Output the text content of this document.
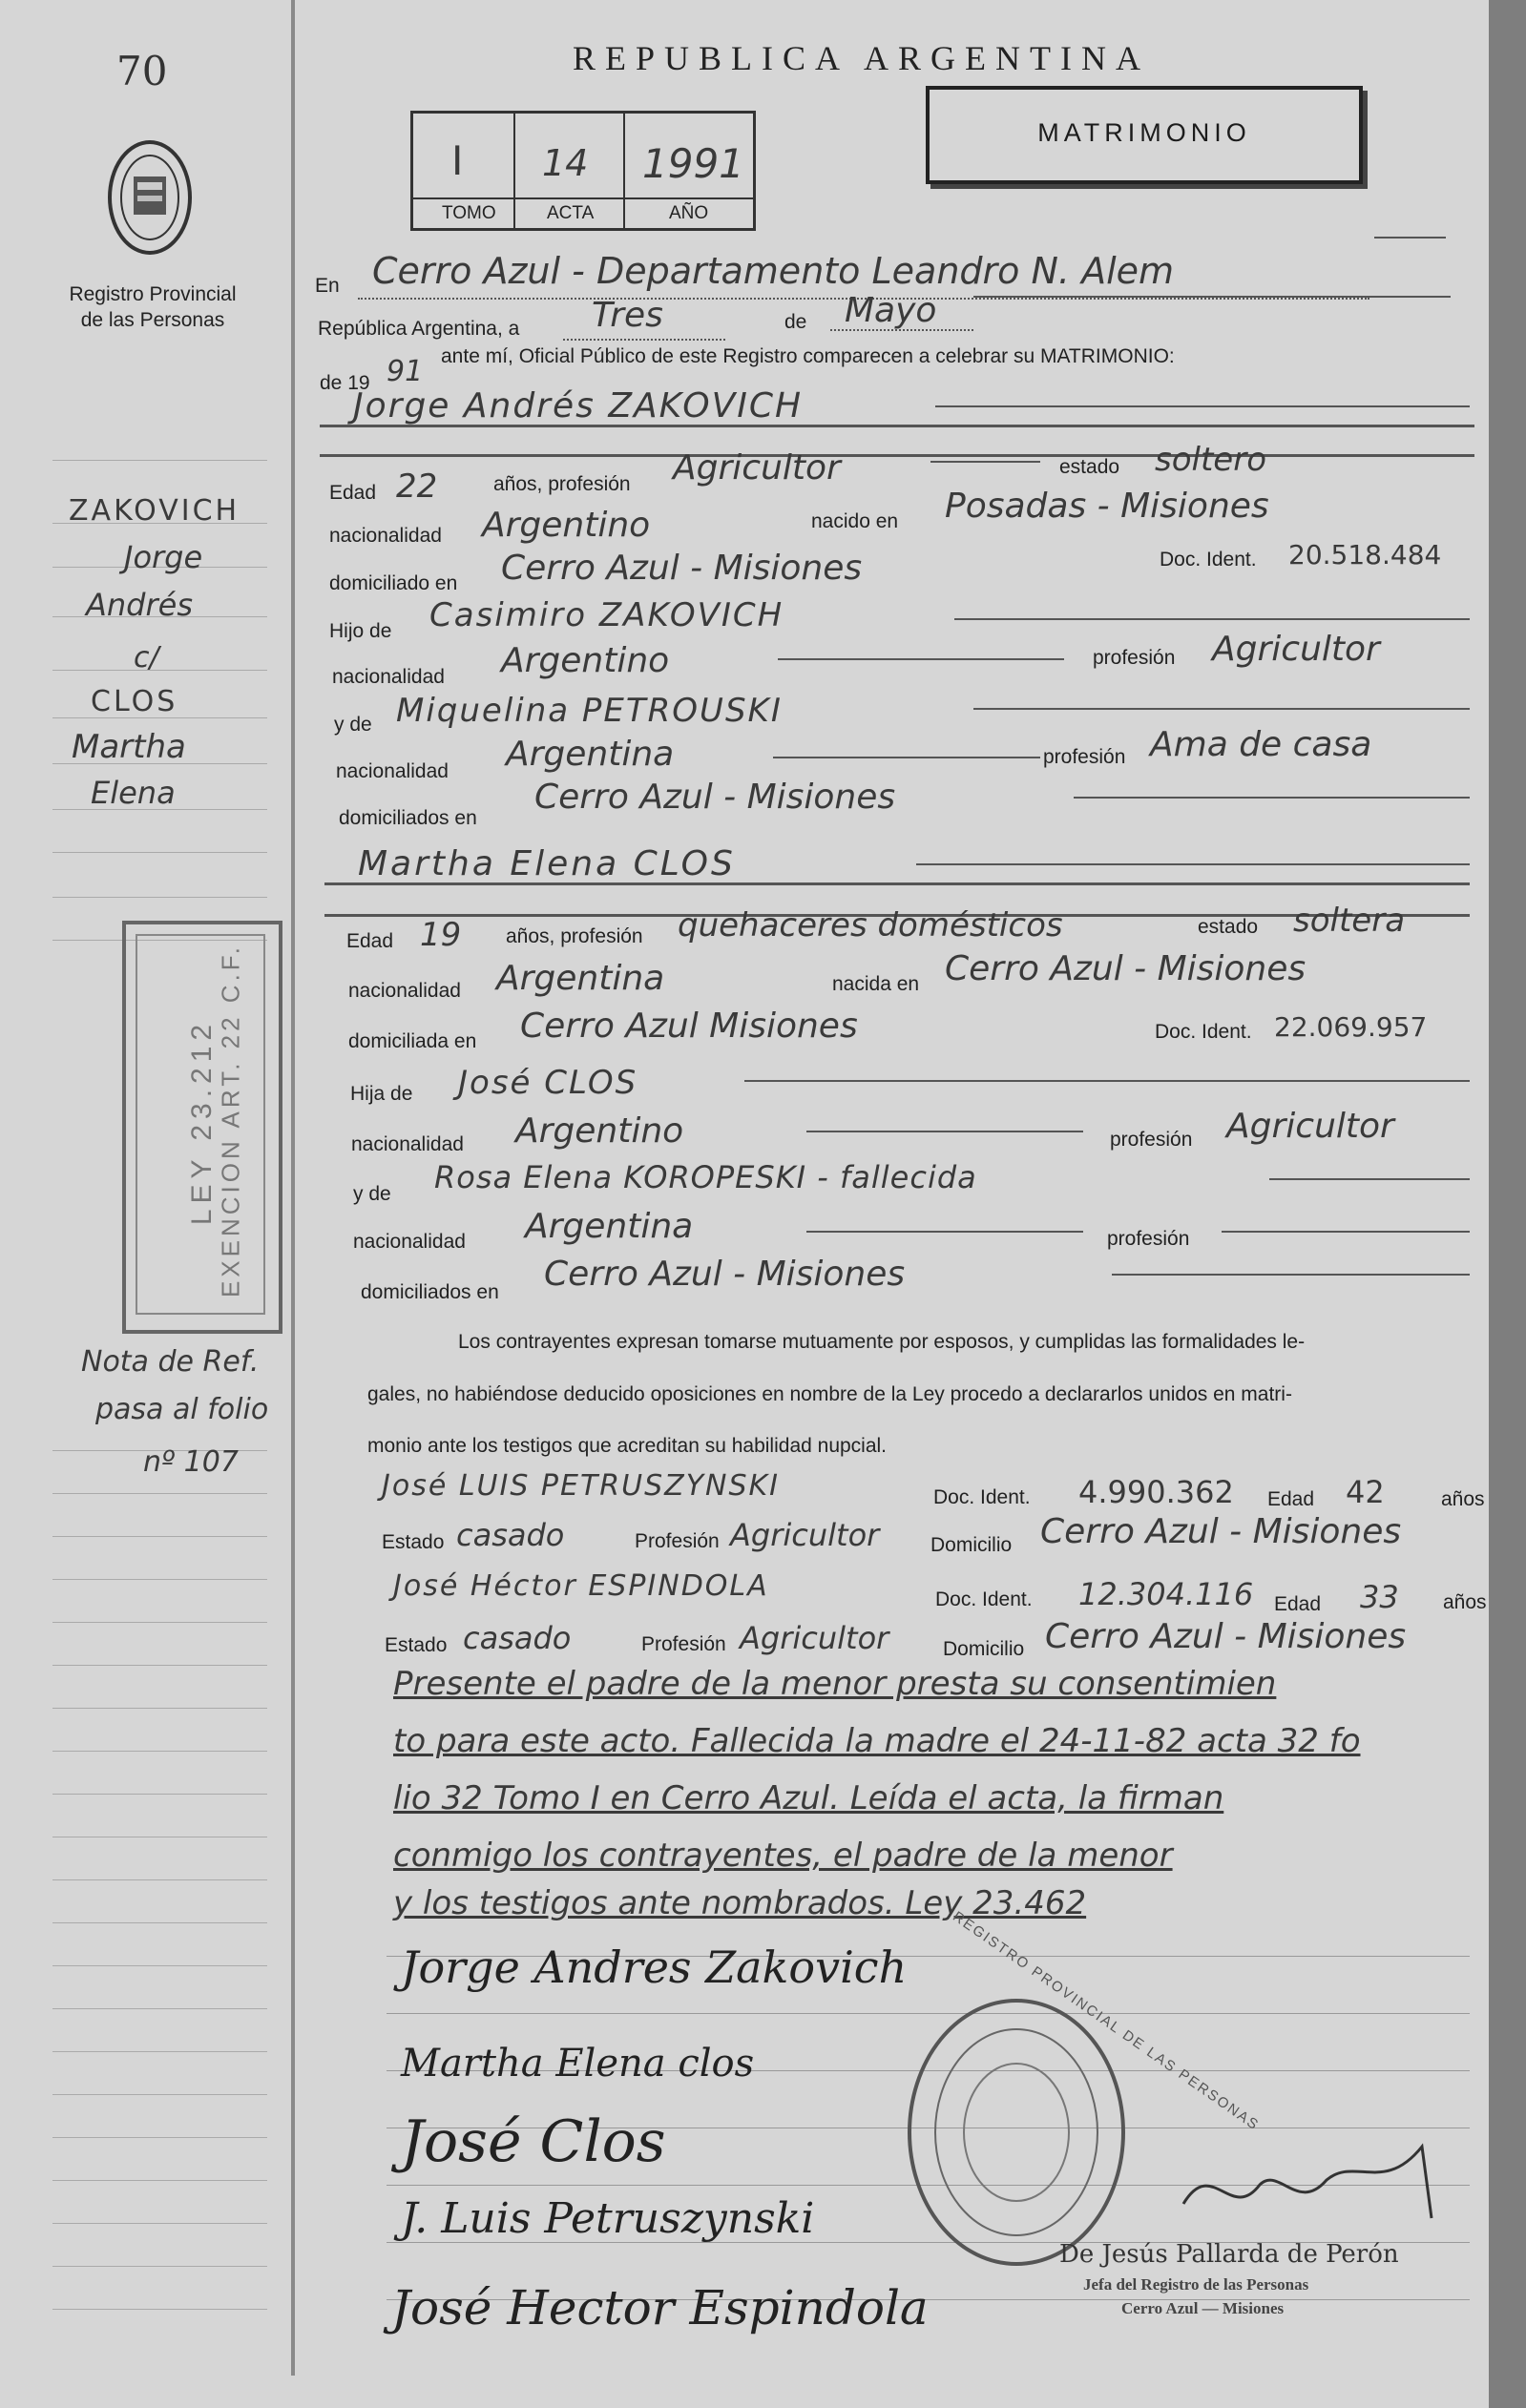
70
Registro Provincial
de las Personas
ZAKOVICH
Jorge
Andrés
c/
CLOS
Martha
Elena
LEY 23.212
EXENCION ART. 22 C.F.
Nota de Ref.
pasa al folio
nº 107
REPUBLICA ARGENTINA
MATRIMONIO
I 14 1991
TOMO	ACTA	AÑO
En Cerro Azul - Departamento Leandro N. Alem
República Argentina, a Tres	de Mayo
de 19 91 ante mí, Oficial Público de este Registro comparecen a celebrar su MATRIMONIO:
Jorge Andrés ZAKOVICH
Edad 22	años, profesión Agricultor	estado soltero
nacionalidad Argentino	nacido en Posadas - Misiones
domiciliado en Cerro Azul - Misiones	Doc. Ident. 20.518.484
Hijo de Casimiro ZAKOVICH
nacionalidad Argentino	profesión Agricultor
y de Miquelina PETROUSKI
nacionalidad Argentina	profesión Ama de casa
domiciliados en
Cerro Azul - Misiones
Martha Elena CLOS
Edad 19 años, profesión quehaceres domésticos	estado soltera
nacionalidad Argentina	nacida en Cerro Azul - Misiones
domiciliada en Cerro Azul Misiones	Doc. Ident. 22.069.957
Hija de José CLOS
nacionalidad Argentino	profesión Agricultor
y de Rosa Elena KOROPESKI - fallecida
nacionalidad Argentina	profesión
domiciliados en Cerro Azul - Misiones
Los contrayentes expresan tomarse mutuamente por esposos, y cumplidas las formalidades le-
gales, no habiéndose deducido oposiciones en nombre de la Ley procedo a declararlos unidos en matri-
monio ante los testigos que acreditan su habilidad nupcial.
José LUIS PETRUSZYNSKI	Doc. Ident. 4.990.362 Edad 42	años
Estado casado	Profesión Agricultor	Domicilio Cerro Azul - Misiones
José Héctor ESPINDOLA	Doc. Ident. 12.304.116 Edad 33 años
Estado casado	Profesión Agricultor	Domicilio Cerro Azul - Misiones
Presente el padre de la menor presta su consentimien
to para este acto. Fallecida la madre el 24-11-82 acta 32 fo
lio 32 Tomo I en Cerro Azul. Leída el acta, la firman
conmigo los contrayentes, el padre de la menor
y los testigos ante nombrados. Ley 23.462
Jorge Andres Zakovich
Martha Elena clos
José Clos
J. Luis Petruszynski
José Hector Espindola
REGISTRO PROVINCIAL DE LAS PERSONAS
De Jesús Pallarda de Perón
Jefa del Registro de las Personas
Cerro Azul — Misiones
